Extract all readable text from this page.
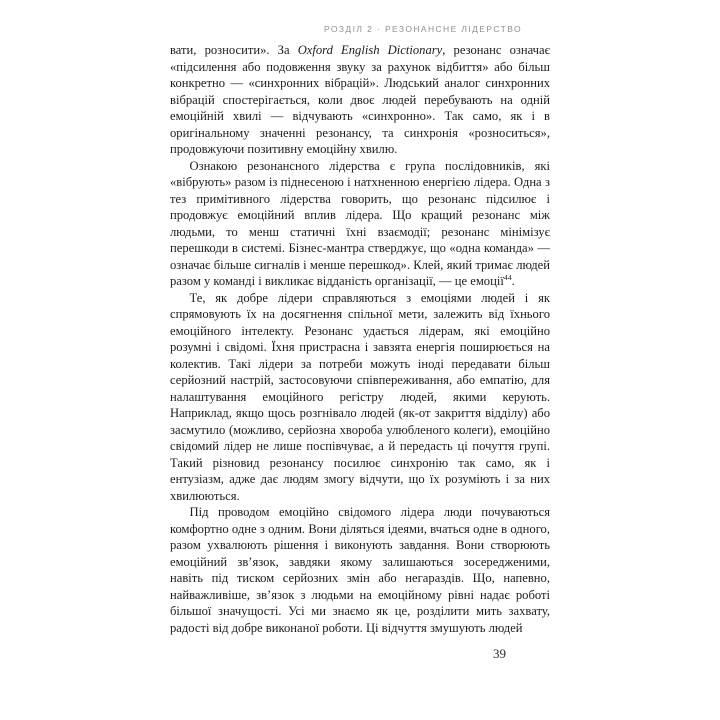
РОЗДІЛ 2 · РЕЗОНАНСНЕ ЛІДЕРСТВО

вати, розносити». За Oxford English Dictionary, резонанс означає «підсилення або подовження звуку за рахунок відбиття» або більш конкретно — «синхронних вібрацій». Людський аналог синхронних вібрацій спостерігається, коли двоє людей перебувають на одній емоційній хвилі — відчувають «синхронно». Так само, як і в оригінальному значенні резонансу, та синхронія «розноситься», продовжуючи позитивну емоційну хвилю.

Ознакою резонансного лідерства є група послідовників, які «вібрують» разом із піднесеною і натхненною енергією лідера. Одна з тез примітивного лідерства говорить, що резонанс підсилює і продовжує емоційний вплив лідера. Що кращий резонанс між людьми, то менш статичні їхні взаємодії; резонанс мінімізує перешкоди в системі. Бізнес-мантра стверджує, що «одна команда» — означає більше сигналів і менше перешкод». Клей, який тримає людей разом у команді і викликає відданість організації, — це емоції$^{44}$.

Те, як добре лідери справляються з емоціями людей і як спрямовують їх на досягнення спільної мети, залежить від їхнього емоційного інтелекту. Резонанс удається лідерам, які емоційно розумні і свідомі. Їхня пристрасна і завзята енергія поширюється на колектив. Такі лідери за потреби можуть іноді передавати більш серйозний настрій, застосовуючи співпереживання, або емпатію, для налаштування емоційного регістру людей, якими керують. Наприклад, якщо щось розгнівало людей (як-от закриття відділу) або засмутило (можливо, серйозна хвороба улюбленого колеги), емоційно свідомий лідер не лише поспівчуває, а й передасть ці почуття групі. Такий різновид резонансу посилює синхронію так само, як і ентузіазм, адже дає людям змогу відчути, що їх розуміють і за них хвилюються.

Під проводом емоційно свідомого лідера люди почуваються комфортно одне з одним. Вони діляться ідеями, вчаться одне в одного, разом ухвалюють рішення і виконують завдання. Вони створюють емоційний зв’язок, завдяки якому залишаються зосередженими, навіть під тиском серйозних змін або негараздів. Що, напевно, найважливіше, зв’язок з людьми на емоційному рівні надає роботі більшої значущості. Усі ми знаємо як це, розділити мить захвату, радості від добре виконаної роботи. Ці відчуття змушують людей

39
